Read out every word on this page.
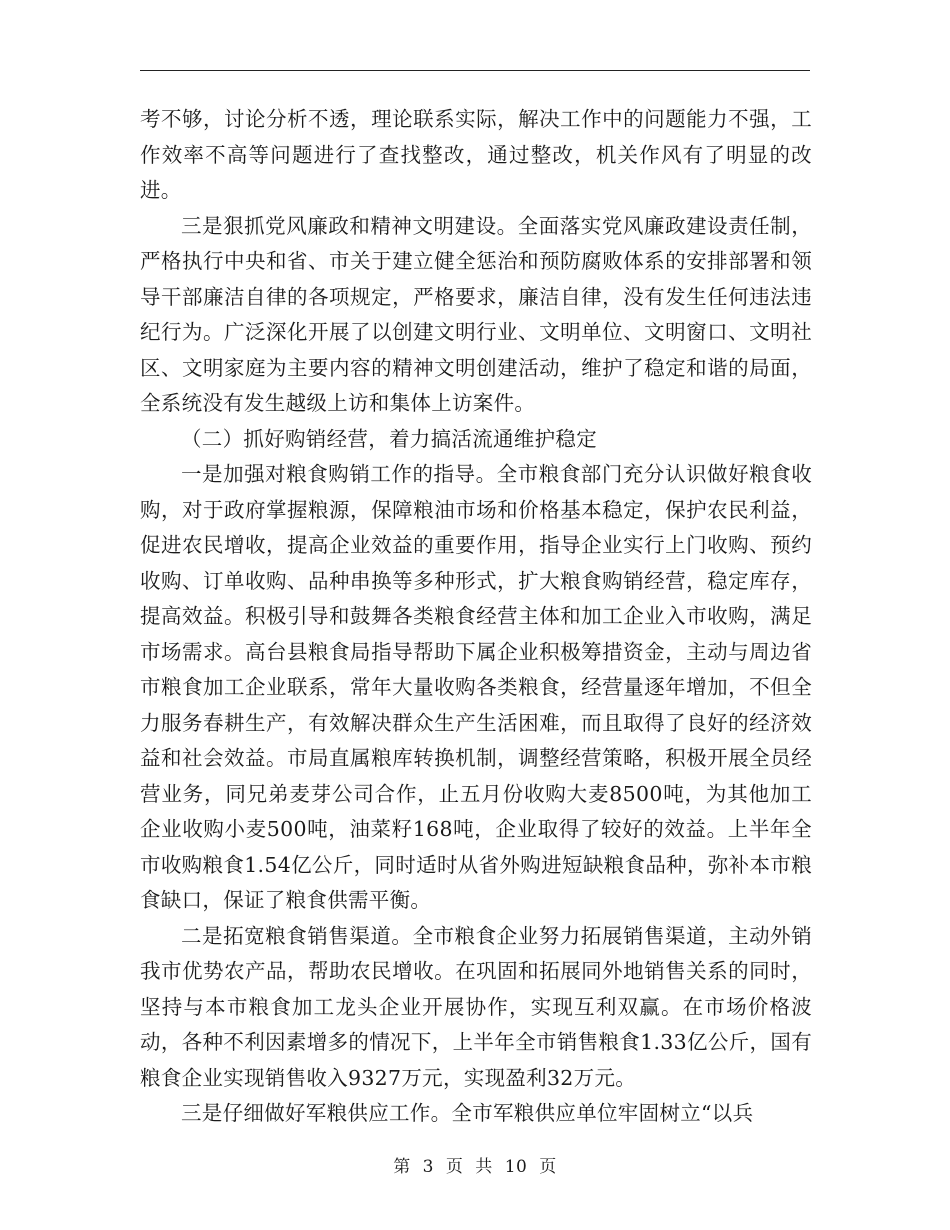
考不够，讨论分析不透，理论联系实际，解决工作中的问题能力不强，工作效率不高等问题进行了查找整改，通过整改，机关作风有了明显的改进。

三是狠抓党风廉政和精神文明建设。全面落实党风廉政建设责任制，严格执行中央和省、市关于建立健全惩治和预防腐败体系的安排部署和领导干部廉洁自律的各项规定，严格要求，廉洁自律，没有发生任何违法违纪行为。广泛深化开展了以创建文明行业、文明单位、文明窗口、文明社区、文明家庭为主要内容的精神文明创建活动，维护了稳定和谐的局面，全系统没有发生越级上访和集体上访案件。

（二）抓好购销经营，着力搞活流通维护稳定

一是加强对粮食购销工作的指导。全市粮食部门充分认识做好粮食收购，对于政府掌握粮源，保障粮油市场和价格基本稳定，保护农民利益，促进农民增收，提高企业效益的重要作用，指导企业实行上门收购、预约收购、订单收购、品种串换等多种形式，扩大粮食购销经营，稳定库存，提高效益。积极引导和鼓舞各类粮食经营主体和加工企业入市收购，满足市场需求。高台县粮食局指导帮助下属企业积极筹措资金，主动与周边省市粮食加工企业联系，常年大量收购各类粮食，经营量逐年增加，不但全力服务春耕生产，有效解决群众生产生活困难，而且取得了良好的经济效益和社会效益。市局直属粮库转换机制，调整经营策略，积极开展全员经营业务，同兄弟麦芽公司合作，止五月份收购大麦8500吨，为其他加工企业收购小麦500吨，油菜籽168吨，企业取得了较好的效益。上半年全市收购粮食1.54亿公斤，同时适时从省外购进短缺粮食品种，弥补本市粮食缺口，保证了粮食供需平衡。

二是拓宽粮食销售渠道。全市粮食企业努力拓展销售渠道，主动外销我市优势农产品，帮助农民增收。在巩固和拓展同外地销售关系的同时，坚持与本市粮食加工龙头企业开展协作，实现互利双赢。在市场价格波动，各种不利因素增多的情况下，上半年全市销售粮食1.33亿公斤，国有粮食企业实现销售收入9327万元，实现盈利32万元。

三是仔细做好军粮供应工作。全市军粮供应单位牢固树立“以兵

第 3 页 共 10 页
